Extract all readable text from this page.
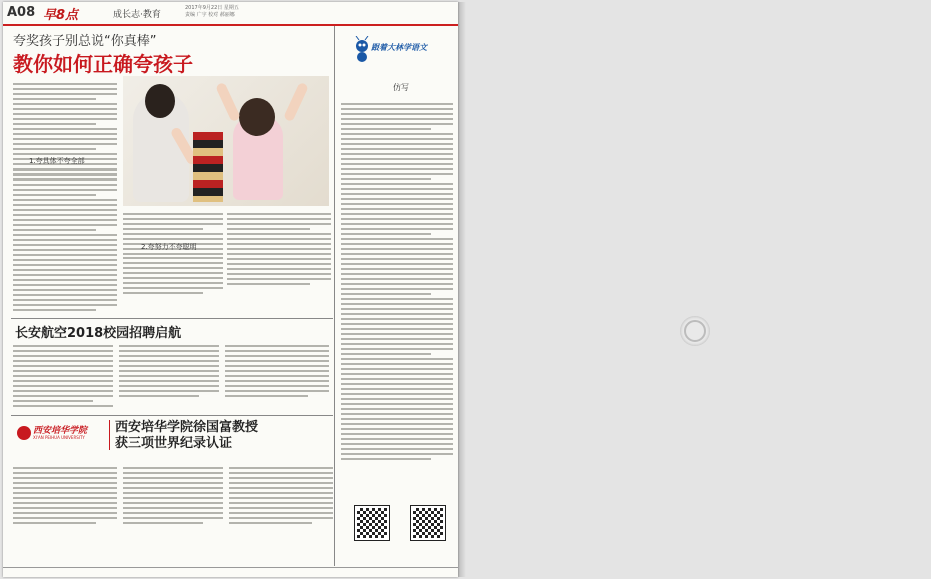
A08 早8点	成长志·教育
2017年9月22日 星期五
责编 广宇 校对 郝丽娜
夸奖孩子别总说“你真棒”
教你如何正确夸孩子
1.夸具体不夸全部
2.夸努力不夸聪明
长安航空2018校园招聘启航
西安培华学院
XI'AN PEIHUA UNIVERSITY
西安培华学院徐国富教授
获三项世界纪录认证
跟着大林学语文
仿写
